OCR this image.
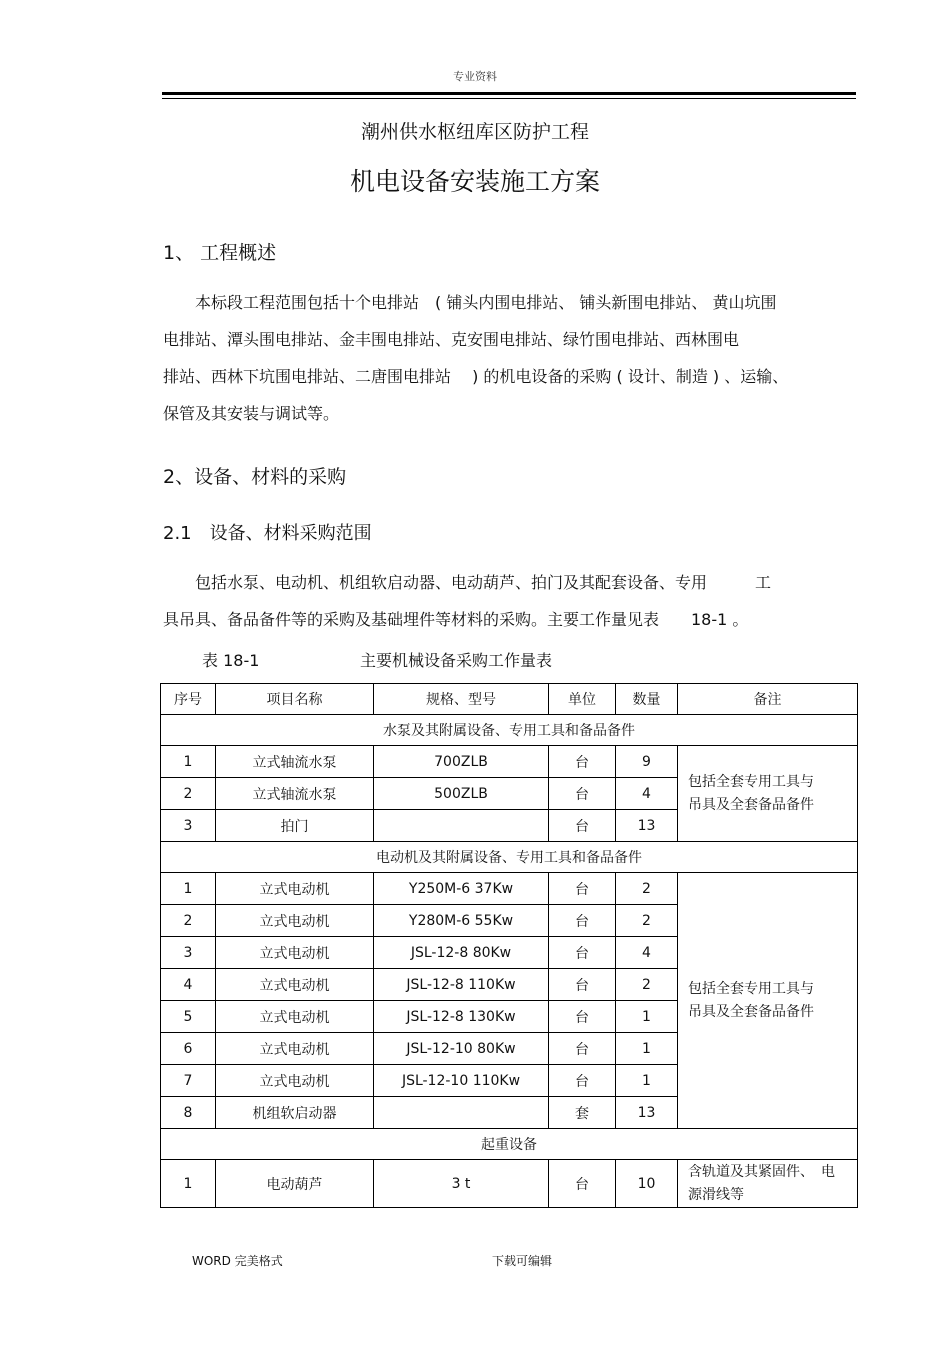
专业资料
潮州供水枢纽库区防护工程
机电设备安装施工方案
1、 工程概述
　　本标段工程范围包括十个电排站　( 铺头内围电排站、 铺头新围电排站、 黄山坑围
电排站、潭头围电排站、金丰围电排站、克安围电排站、绿竹围电排站、西林围电
排站、西林下坑围电排站、二唐围电排站　 ) 的机电设备的采购 ( 设计、制造 ) 、运输、
保管及其安装与调试等。
2、设备、材料的采购
2.1　设备、材料采购范围
　　包括水泵、电动机、机组软启动器、电动葫芦、拍门及其配套设备、专用　　　工
具吊具、备品备件等的采购及基础埋件等材料的采购。主要工作量见表　　18-1 。
表 18-1	主要机械设备采购工作量表
序号	项目名称	规格、型号	单位	数量	备注
水泵及其附属设备、专用工具和备品备件					
1	立式轴流水泵	700ZLB	台	9	包括全套专用工具与
吊具及全套备品备件
2	立式轴流水泵	500ZLB	台	4	
3	拍门		台	13	
电动机及其附属设备、专用工具和备品备件					
1	立式电动机	Y250M-6 37Kw	台	2	包括全套专用工具与
吊具及全套备品备件
2	立式电动机	Y280M-6 55Kw	台	2	
3	立式电动机	JSL-12-8 80Kw	台	4	
4	立式电动机	JSL-12-8 110Kw	台	2	
5	立式电动机	JSL-12-8 130Kw	台	1	
6	立式电动机	JSL-12-10 80Kw	台	1	
7	立式电动机	JSL-12-10 110Kw	台	1	
8	机组软启动器		套	13	
起重设备					
1	电动葫芦	3 t	台	10	含轨道及其紧固件、　电
源滑线等
WORD 完美格式	下载可编辑
